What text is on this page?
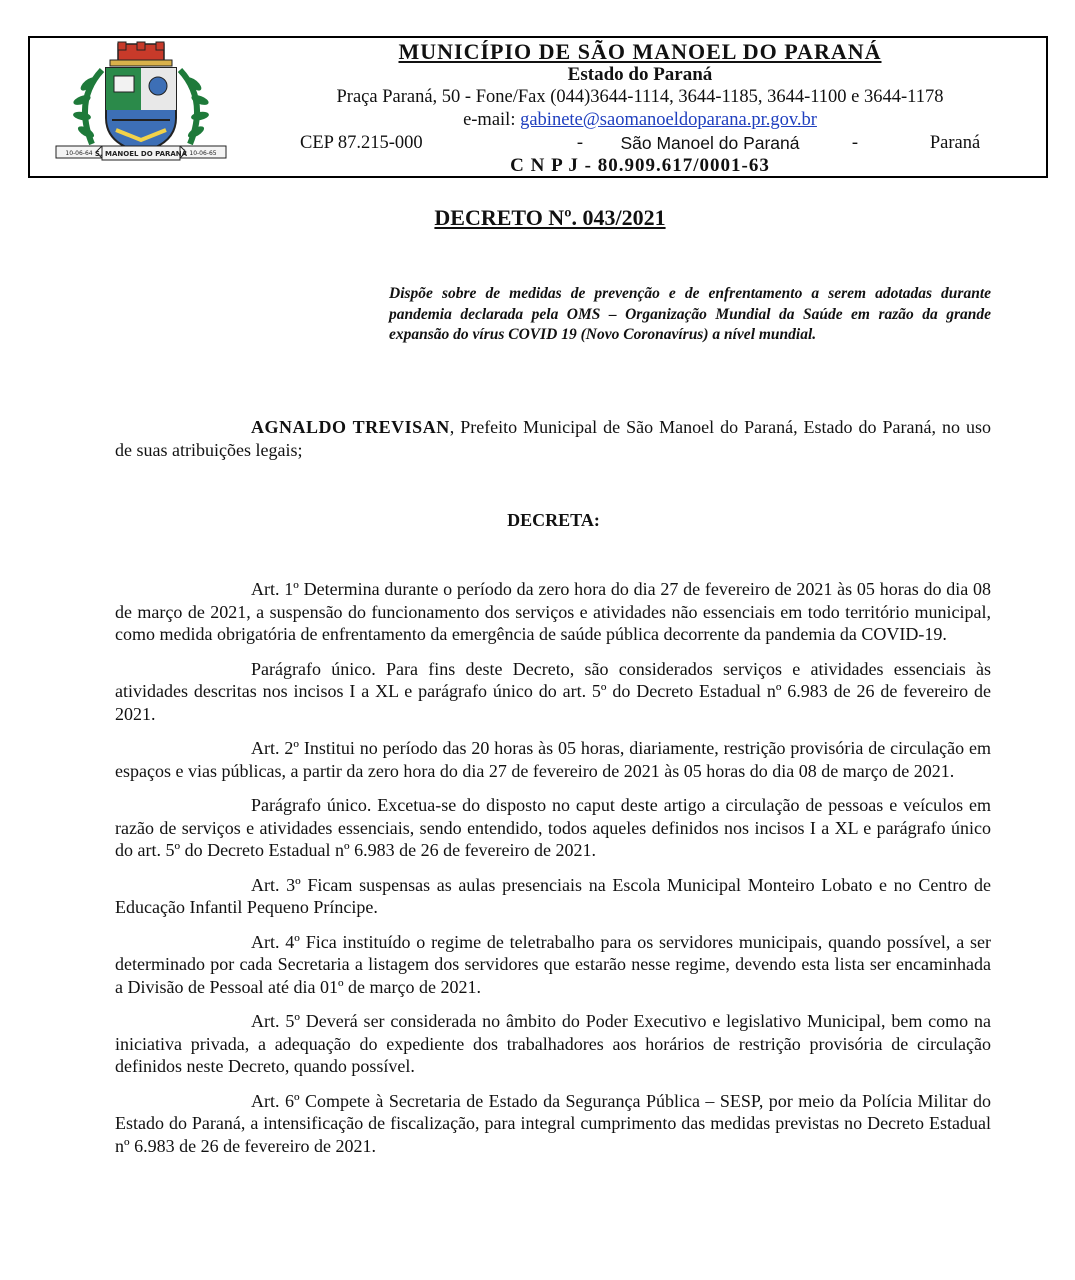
10-06-64	10-06-65
S. MANOEL DO PARANÁ
MUNICÍPIO DE SÃO MANOEL DO PARANÁ
Estado do Paraná
Praça Paraná, 50 - Fone/Fax (044)3644-1114, 3644-1185, 3644-1100 e 3644-1178
e-mail: gabinete@saomanoeldoparana.pr.gov.br
CEP 87.215-000	-	São Manoel do Paraná	-	Paraná
C N P J - 80.909.617/0001-63
DECRETO Nº. 043/2021
Dispõe sobre de medidas de prevenção e de enfrentamento a serem adotadas durante pandemia declarada pela OMS – Organização Mundial da Saúde em razão da grande expansão do vírus COVID 19 (Novo Coronavírus) a nível mundial.

AGNALDO TREVISAN, Prefeito Municipal de São Manoel do Paraná, Estado do Paraná, no uso de suas atribuições legais;

DECRETA:

Art. 1º Determina durante o período da zero hora do dia 27 de fevereiro de 2021 às 05 horas do dia 08 de março de 2021, a suspensão do funcionamento dos serviços e atividades não essenciais em todo território municipal, como medida obrigatória de enfrentamento da emergência de saúde pública decorrente da pandemia da COVID-19.

Parágrafo único. Para fins deste Decreto, são considerados serviços e atividades essenciais às atividades descritas nos incisos I a XL e parágrafo único do art. 5º do Decreto Estadual nº 6.983 de 26 de fevereiro de 2021.

Art. 2º Institui no período das 20 horas às 05 horas, diariamente, restrição provisória de circulação em espaços e vias públicas, a partir da zero hora do dia 27 de fevereiro de 2021 às 05 horas do dia 08 de março de 2021.

Parágrafo único. Excetua-se do disposto no caput deste artigo a circulação de pessoas e veículos em razão de serviços e atividades essenciais, sendo entendido, todos aqueles definidos nos incisos I a XL e parágrafo único do art. 5º do Decreto Estadual nº 6.983 de 26 de fevereiro de 2021.

Art. 3º Ficam suspensas as aulas presenciais na Escola Municipal Monteiro Lobato e no Centro de Educação Infantil Pequeno Príncipe.

Art. 4º Fica instituído o regime de teletrabalho para os servidores municipais, quando possível, a ser determinado por cada Secretaria a listagem dos servidores que estarão nesse regime, devendo esta lista ser encaminhada a Divisão de Pessoal até dia 01º de março de 2021.

Art. 5º Deverá ser considerada no âmbito do Poder Executivo e legislativo Municipal, bem como na iniciativa privada, a adequação do expediente dos trabalhadores aos horários de restrição provisória de circulação definidos neste Decreto, quando possível.

Art. 6º Compete à Secretaria de Estado da Segurança Pública – SESP, por meio da Polícia Militar do Estado do Paraná, a intensificação de fiscalização, para integral cumprimento das medidas previstas no Decreto Estadual nº 6.983 de 26 de fevereiro de 2021.
